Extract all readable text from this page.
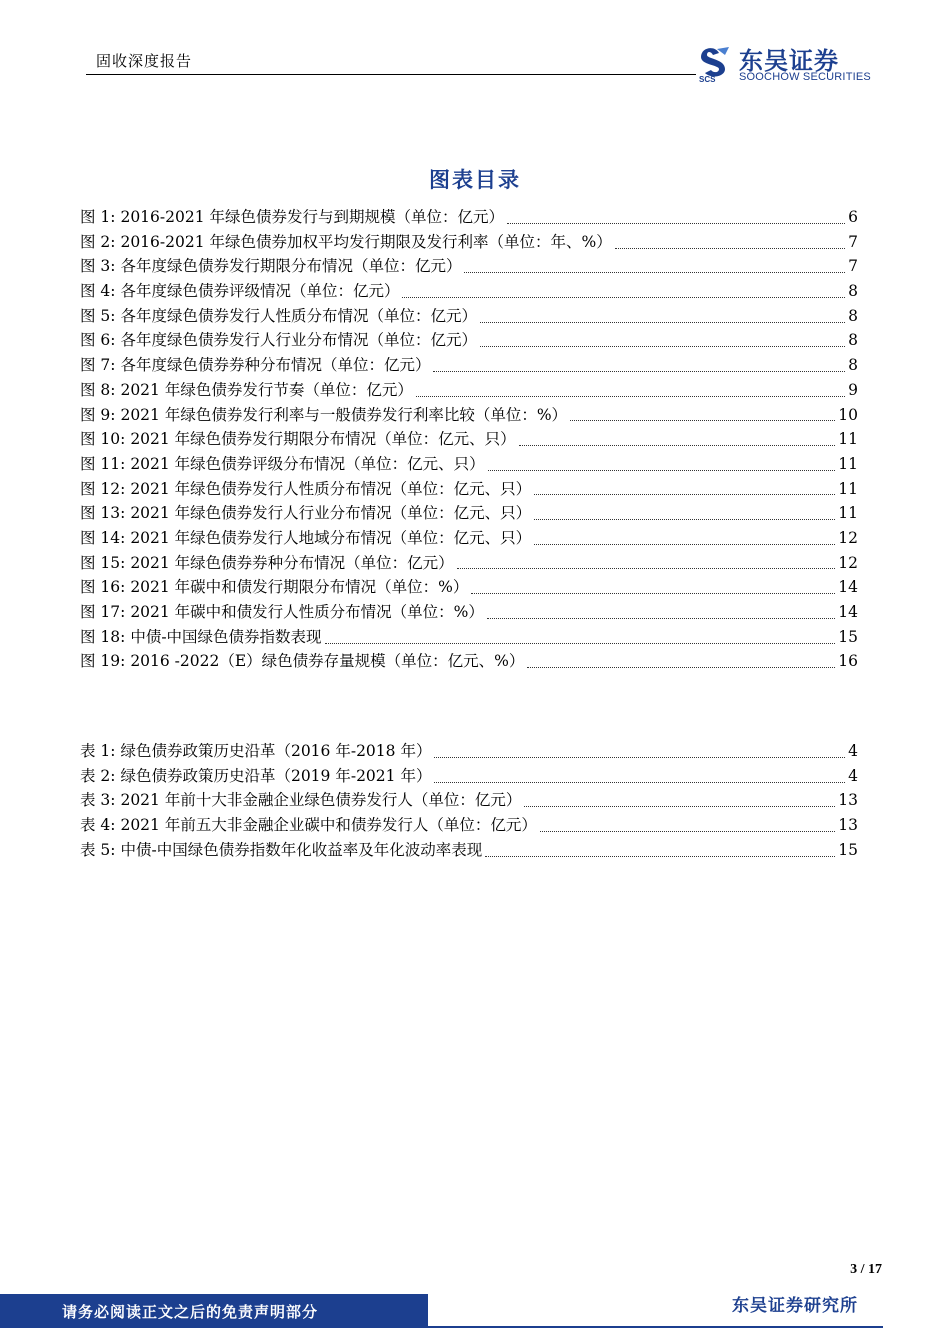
固收深度报告
SCS
东吴证券
SOOCHOW SECURITIES
图表目录
图 1: 2016-2021 年绿色债券发行与到期规模（单位：亿元）	6
图 2: 2016-2021 年绿色债券加权平均发行期限及发行利率（单位：年、%）	7
图 3: 各年度绿色债券发行期限分布情况（单位：亿元）	7
图 4: 各年度绿色债券评级情况（单位：亿元）	8
图 5: 各年度绿色债券发行人性质分布情况（单位：亿元）	8
图 6: 各年度绿色债券发行人行业分布情况（单位：亿元）	8
图 7: 各年度绿色债券券种分布情况（单位：亿元）	8
图 8: 2021 年绿色债券发行节奏（单位：亿元）	9
图 9: 2021 年绿色债券发行利率与一般债券发行利率比较（单位：%）	10
图 10: 2021 年绿色债券发行期限分布情况（单位：亿元、只）	11
图 11: 2021 年绿色债券评级分布情况（单位：亿元、只）	11
图 12: 2021 年绿色债券发行人性质分布情况（单位：亿元、只）	11
图 13: 2021 年绿色债券发行人行业分布情况（单位：亿元、只）	11
图 14: 2021 年绿色债券发行人地域分布情况（单位：亿元、只）	12
图 15: 2021 年绿色债券券种分布情况（单位：亿元）	12
图 16: 2021 年碳中和债发行期限分布情况（单位：%）	14
图 17: 2021 年碳中和债发行人性质分布情况（单位：%）	14
图 18: 中债-中国绿色债券指数表现	15
图 19: 2016 -2022（E）绿色债券存量规模（单位：亿元、%）	16
表 1: 绿色债券政策历史沿革（2016 年-2018 年）	4
表 2: 绿色债券政策历史沿革（2019 年-2021 年）	4
表 3: 2021 年前十大非金融企业绿色债券发行人（单位：亿元）	13
表 4: 2021 年前五大非金融企业碳中和债券发行人（单位：亿元）	13
表 5: 中债-中国绿色债券指数年化收益率及年化波动率表现	15
3 / 17
请务必阅读正文之后的免责声明部分	东吴证券研究所
